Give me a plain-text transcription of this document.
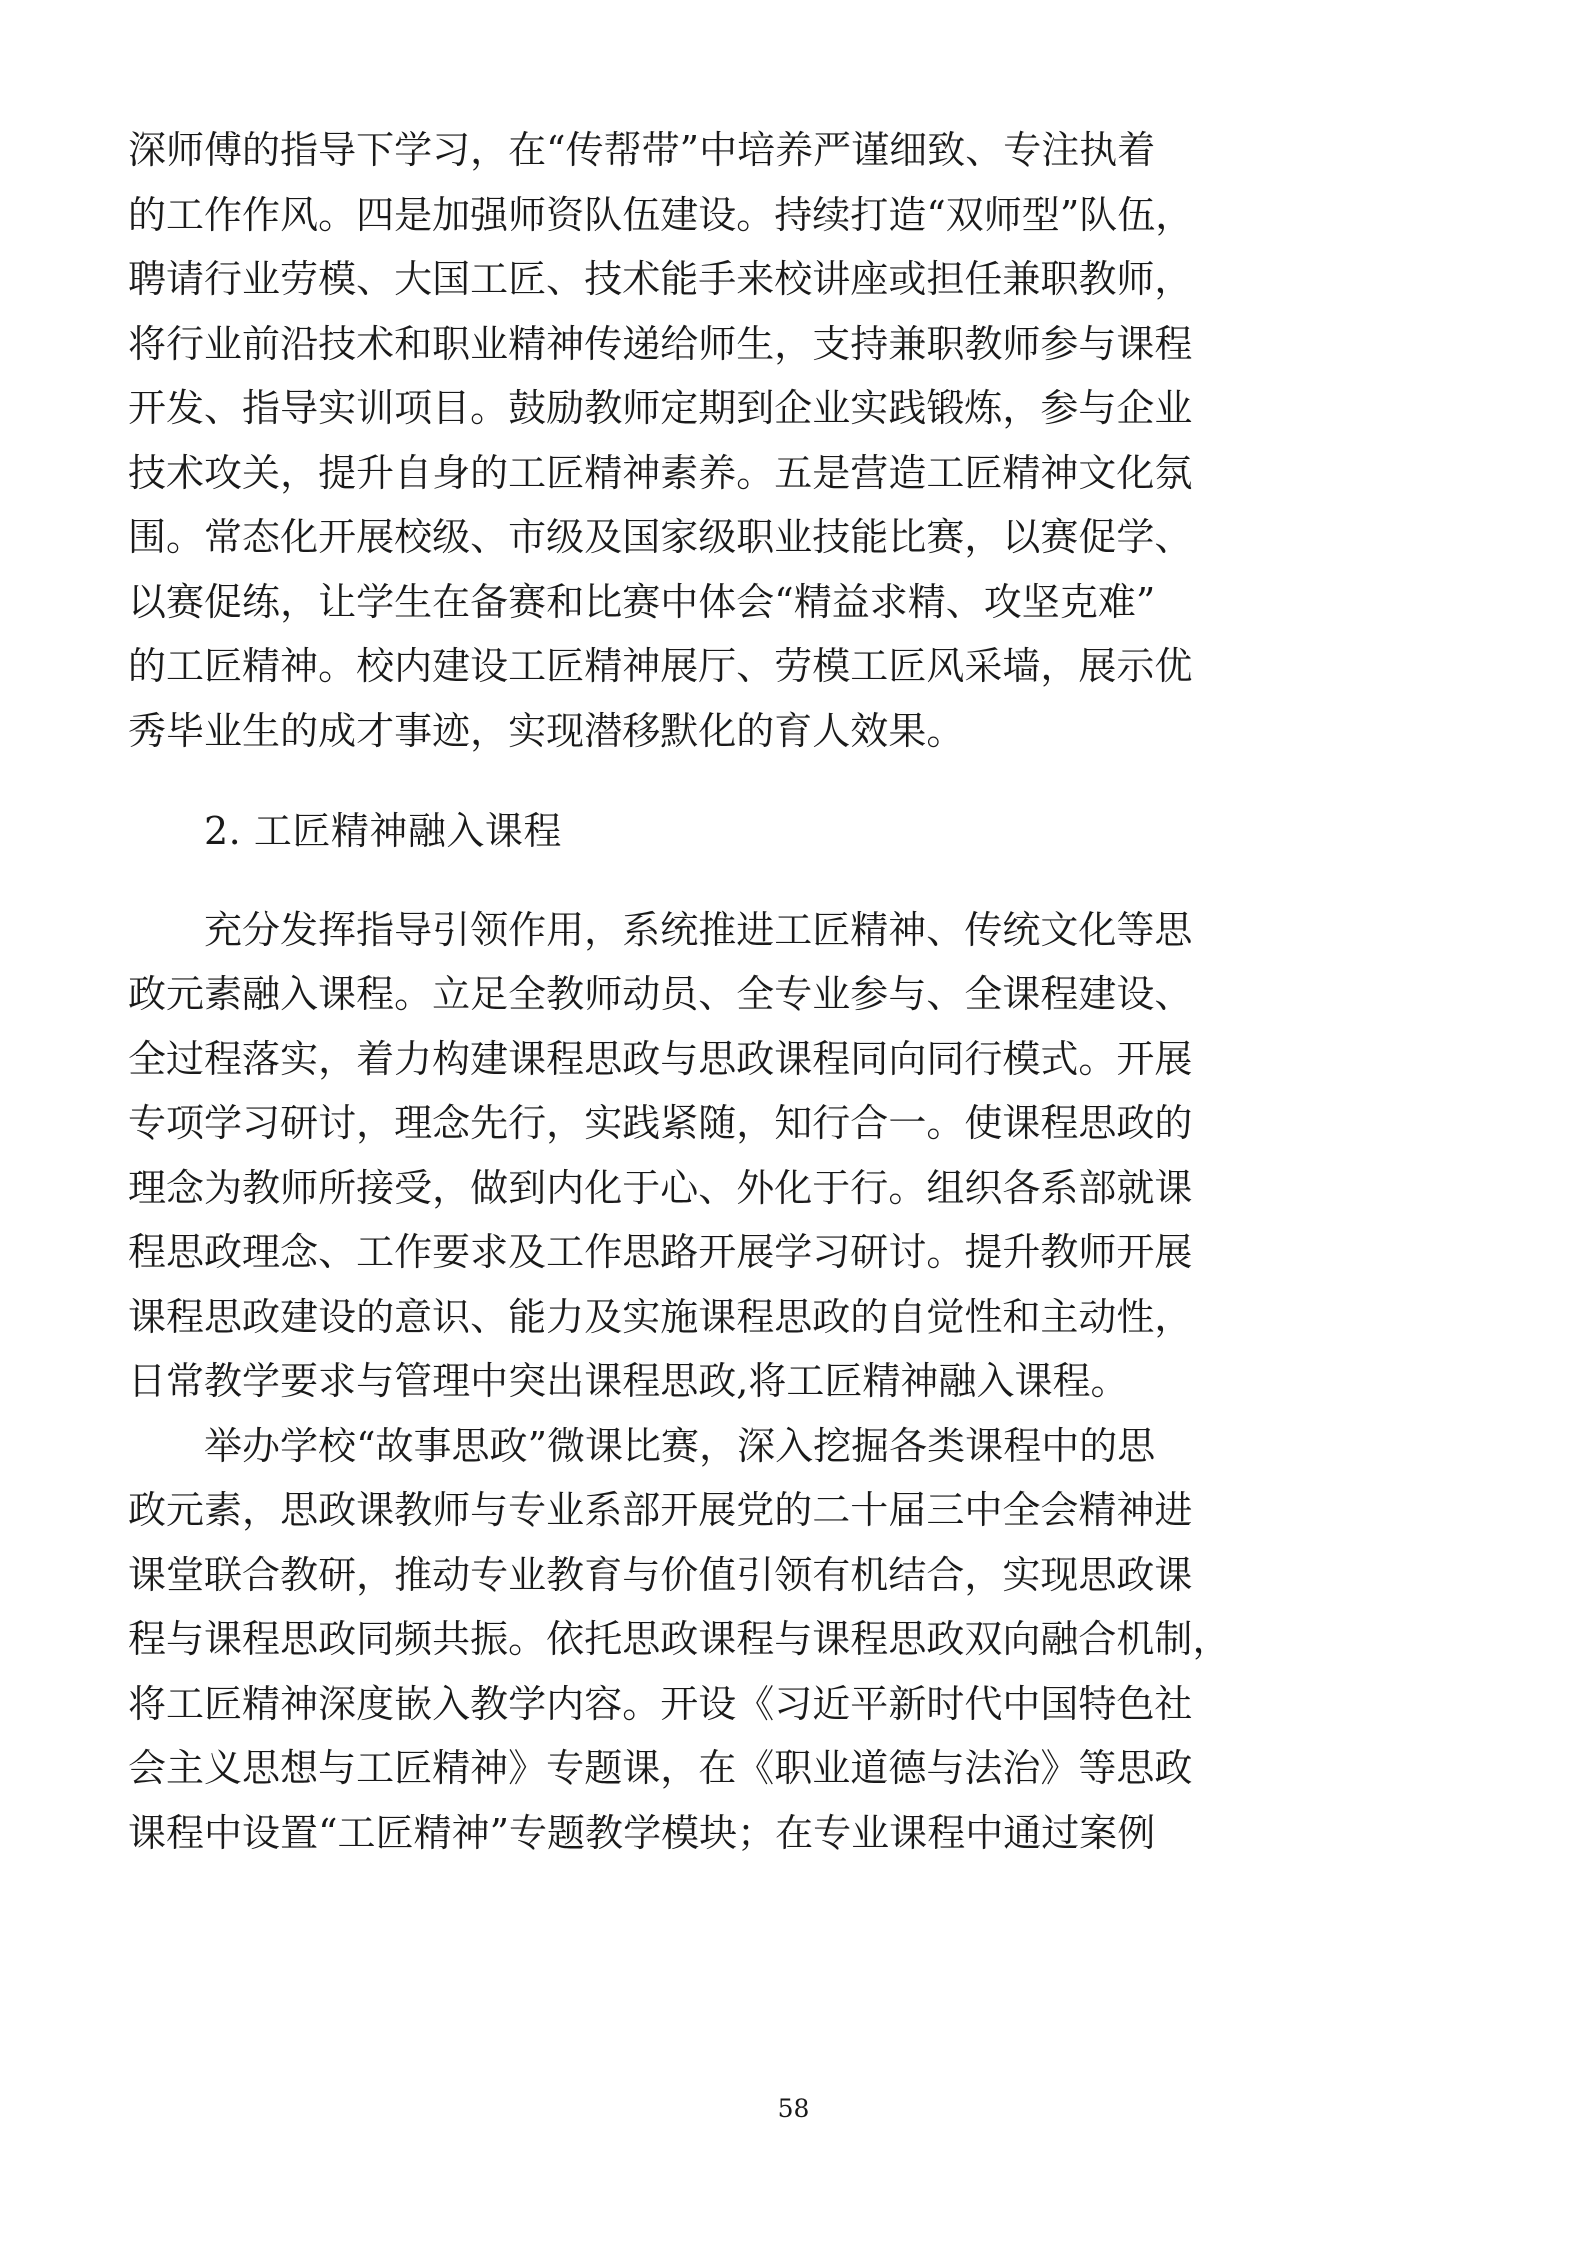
深 师 傅 的 指 导 下 学 习 ， 在 “ 传 帮 带 ” 中 培 养 严 谨 细 致 、 专 注 执 着
的 工 作 作 风 。 四 是 加 强 师 资 队 伍 建 设 。 持 续 打 造 “ 双 师 型 ” 队 伍 ，
聘 请 行 业 劳 模 、 大 国 工 匠 、 技 术 能 手 来 校 讲 座 或 担 任 兼 职 教 师 ，
将 行 业 前 沿 技 术 和 职 业 精 神 传 递 给 师 生 ， 支 持 兼 职 教 师 参 与 课 程
开 发 、 指 导 实 训 项 目 。 鼓 励 教 师 定 期 到 企 业 实 践 锻 炼 ， 参 与 企 业
技 术 攻 关 ， 提 升 自 身 的 工 匠 精 神 素 养 。 五 是 营 造 工 匠 精 神 文 化 氛
围 。 常 态 化 开 展 校 级 、 市 级 及 国 家 级 职 业 技 能 比 赛 ， 以 赛 促 学 、
以 赛 促 练 ， 让 学 生 在 备 赛 和 比 赛 中 体 会 “ 精 益 求 精 、 攻 坚 克 难 ”
的 工 匠 精 神 。 校 内 建 设 工 匠 精 神 展 厅 、 劳 模 工 匠 风 采 墙 ， 展 示 优
秀 毕 业 生 的 成 才 事 迹 ， 实 现 潜 移 默 化 的 育 人 效 果 。
2. 工匠精神融入课程
充 分 发 挥 指 导 引 领 作 用 ， 系 统 推 进 工 匠 精 神 、 传 统 文 化 等 思
政 元 素 融 入 课 程 。 立 足 全 教 师 动 员 、 全 专 业 参 与 、 全 课 程 建 设 、
全 过 程 落 实 ， 着 力 构 建 课 程 思 政 与 思 政 课 程 同 向 同 行 模 式 。 开 展
专 项 学 习 研 讨 ， 理 念 先 行 ， 实 践 紧 随 ， 知 行 合 一 。 使 课 程 思 政 的
理 念 为 教 师 所 接 受 ， 做 到 内 化 于 心 、 外 化 于 行 。 组 织 各 系 部 就 课
程 思 政 理 念 、 工 作 要 求 及 工 作 思 路 开 展 学 习 研 讨 。 提 升 教 师 开 展
课 程 思 政 建 设 的 意 识 、 能 力 及 实 施 课 程 思 政 的 自 觉 性 和 主 动 性 ，
日 常 教 学 要 求 与 管 理 中 突 出 课 程 思 政 , 将 工 匠 精 神 融 入 课 程 。
举 办 学 校 “ 故 事 思 政 ” 微 课 比 赛 ， 深 入 挖 掘 各 类 课 程 中 的 思
政 元 素 ， 思 政 课 教 师 与 专 业 系 部 开 展 党 的 二 十 届 三 中 全 会 精 神 进
课 堂 联 合 教 研 ， 推 动 专 业 教 育 与 价 值 引 领 有 机 结 合 ， 实 现 思 政 课
程 与 课 程 思 政 同 频 共 振 。 依 托 思 政 课 程 与 课 程 思 政 双 向 融 合 机 制 ，
将 工 匠 精 神 深 度 嵌 入 教 学 内 容 。 开 设 《 习 近 平 新 时 代 中 国 特 色 社
会 主 义 思 想 与 工 匠 精 神 》 专 题 课 ， 在 《 职 业 道 德 与 法 治 》 等 思 政
课 程 中 设 置 “ 工 匠 精 神 ” 专 题 教 学 模 块 ； 在 专 业 课 程 中 通 过 案 例
58
